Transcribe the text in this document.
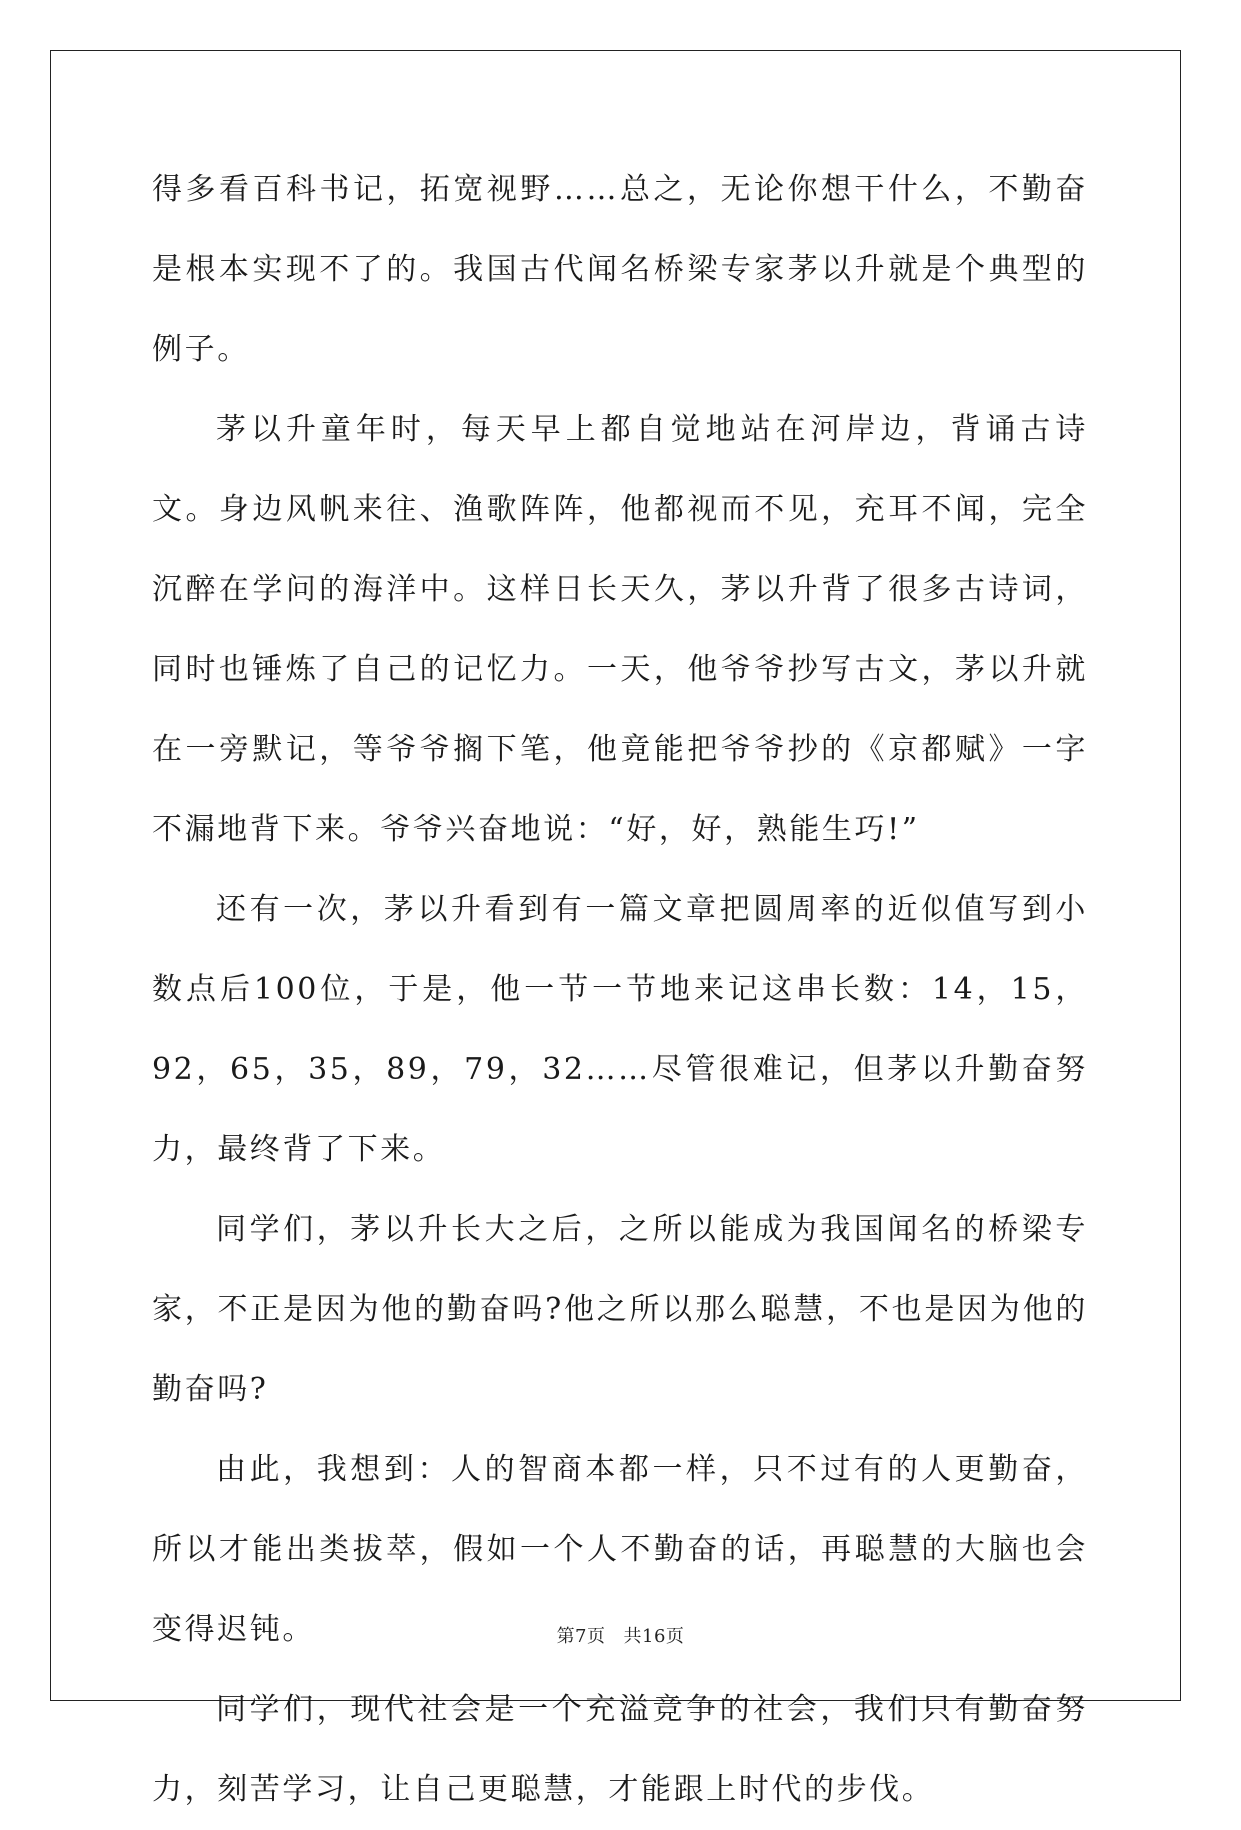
得多看百科书记，拓宽视野……总之，无论你想干什么，不勤奋是根本实现不了的。我国古代闻名桥梁专家茅以升就是个典型的例子。

茅以升童年时，每天早上都自觉地站在河岸边，背诵古诗文。身边风帆来往、渔歌阵阵，他都视而不见，充耳不闻，完全沉醉在学问的海洋中。这样日长天久，茅以升背了很多古诗词，同时也锤炼了自己的记忆力。一天，他爷爷抄写古文，茅以升就在一旁默记，等爷爷搁下笔，他竟能把爷爷抄的《京都赋》一字不漏地背下来。爷爷兴奋地说：“好，好，熟能生巧!”

还有一次，茅以升看到有一篇文章把圆周率的近似值写到小数点后100位，于是，他一节一节地来记这串长数：14，15，92，65，35，89，79，32……尽管很难记，但茅以升勤奋努力，最终背了下来。

同学们，茅以升长大之后，之所以能成为我国闻名的桥梁专家，不正是因为他的勤奋吗?他之所以那么聪慧，不也是因为他的勤奋吗?

由此，我想到：人的智商本都一样，只不过有的人更勤奋，所以才能出类拔萃，假如一个人不勤奋的话，再聪慧的大脑也会变得迟钝。

同学们，现代社会是一个充溢竞争的社会，我们只有勤奋努力，刻苦学习，让自己更聪慧，才能跟上时代的步伐。

第7页 共16页
